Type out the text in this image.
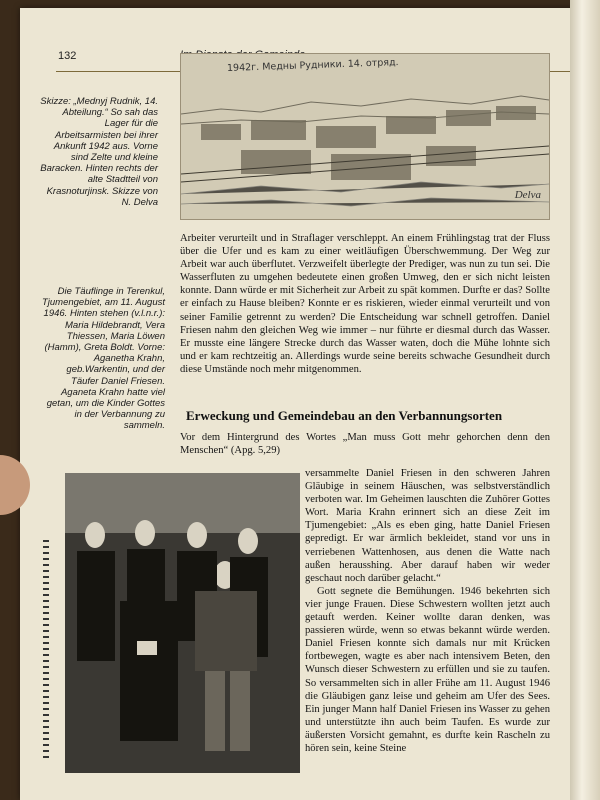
132
Skizze: „Mednyj Rudnik, 14. Abteilung.“ So sah das Lager für die Arbeitsarmisten bei ihrer Ankunft 1942 aus. Vorne sind Zelte und kleine Baracken. Hinten rechts der alte Stadtteil von Krasnoturjinsk. Skizze von N. Delva
1942г. Медны Рудники. 14. отряд.
Delva
Die Täuflinge in Terenkul, Tjumengebiet, am 11. August 1946. Hinten stehen (v.l.n.r.): Maria Hildebrandt, Vera Thiessen, Maria Löwen (Hamm), Greta Boldt. Vorne: Aganetha Krahn, geb.Warkentin, und der Täufer Daniel Friesen. Aganeta Krahn hatte viel getan, um die Kinder Gottes in der Verbannung zu sammeln.

Arbeiter verurteilt und in Straflager verschleppt. An einem Frühlingstag trat der Fluss über die Ufer und es kam zu einer weitläufigen Überschwemmung. Der Weg zur Arbeit war auch überflutet. Verzweifelt überlegte der Prediger, was nun zu tun sei. Die Wasserfluten zu umgehen bedeutete einen großen Umweg, den er sich nicht leisten konnte. Dann würde er mit Sicherheit zur Arbeit zu spät kommen. Durfte er das? Sollte er einfach zu Hause bleiben? Konnte er es riskieren, wieder einmal verurteilt und von seiner Familie getrennt zu werden? Die Entscheidung war schnell getroffen. Daniel Friesen nahm den gleichen Weg wie immer – nur führte er diesmal durch das Wasser. Er musste eine längere Strecke durch das Wasser waten, doch die Mühe lohnte sich und er kam rechtzeitig an. Allerdings wurde seine bereits schwache Gesundheit durch diese Umstände noch mehr mitgenommen.

Erweckung und Gemeindebau an den Verbannungsorten

Vor dem Hintergrund des Wortes „Man muss Gott mehr gehorchen denn den Menschen“ (Apg. 5,29)

versammelte Daniel Friesen in den schweren Jahren Gläubige in seinem Häuschen, was selbstverständlich verboten war. Im Geheimen lauschten die Zuhörer Gottes Wort. Maria Krahn erinnert sich an diese Zeit im Tjumengebiet: „Als es eben ging, hatte Daniel Friesen gepredigt. Er war ärmlich bekleidet, stand vor uns in verriebenen Wattenhosen, aus denen die Watte nach außen herausshing. Aber darauf haben wir weder geschaut noch darüber gelacht.“

Gott segnete die Bemühungen. 1946 bekehrten sich vier junge Frauen. Diese Schwestern wollten jetzt auch getauft werden. Keiner wollte daran denken, was passieren würde, wenn so etwas bekannt würde werden. Daniel Friesen konnte sich damals nur mit Krücken fortbewegen, wagte es aber nach intensivem Beten, den Wunsch dieser Schwestern zu erfüllen und sie zu taufen. So versammelten sich in aller Frühe am 11. August 1946 die Gläubigen ganz leise und geheim am Ufer des Sees. Ein junger Mann half Daniel Friesen ins Wasser zu gehen und unterstützte ihn auch beim Taufen. Es wurde zur äußersten Vorsicht gemahnt, es durfte kein Rascheln zu hören sein, keine Steine
